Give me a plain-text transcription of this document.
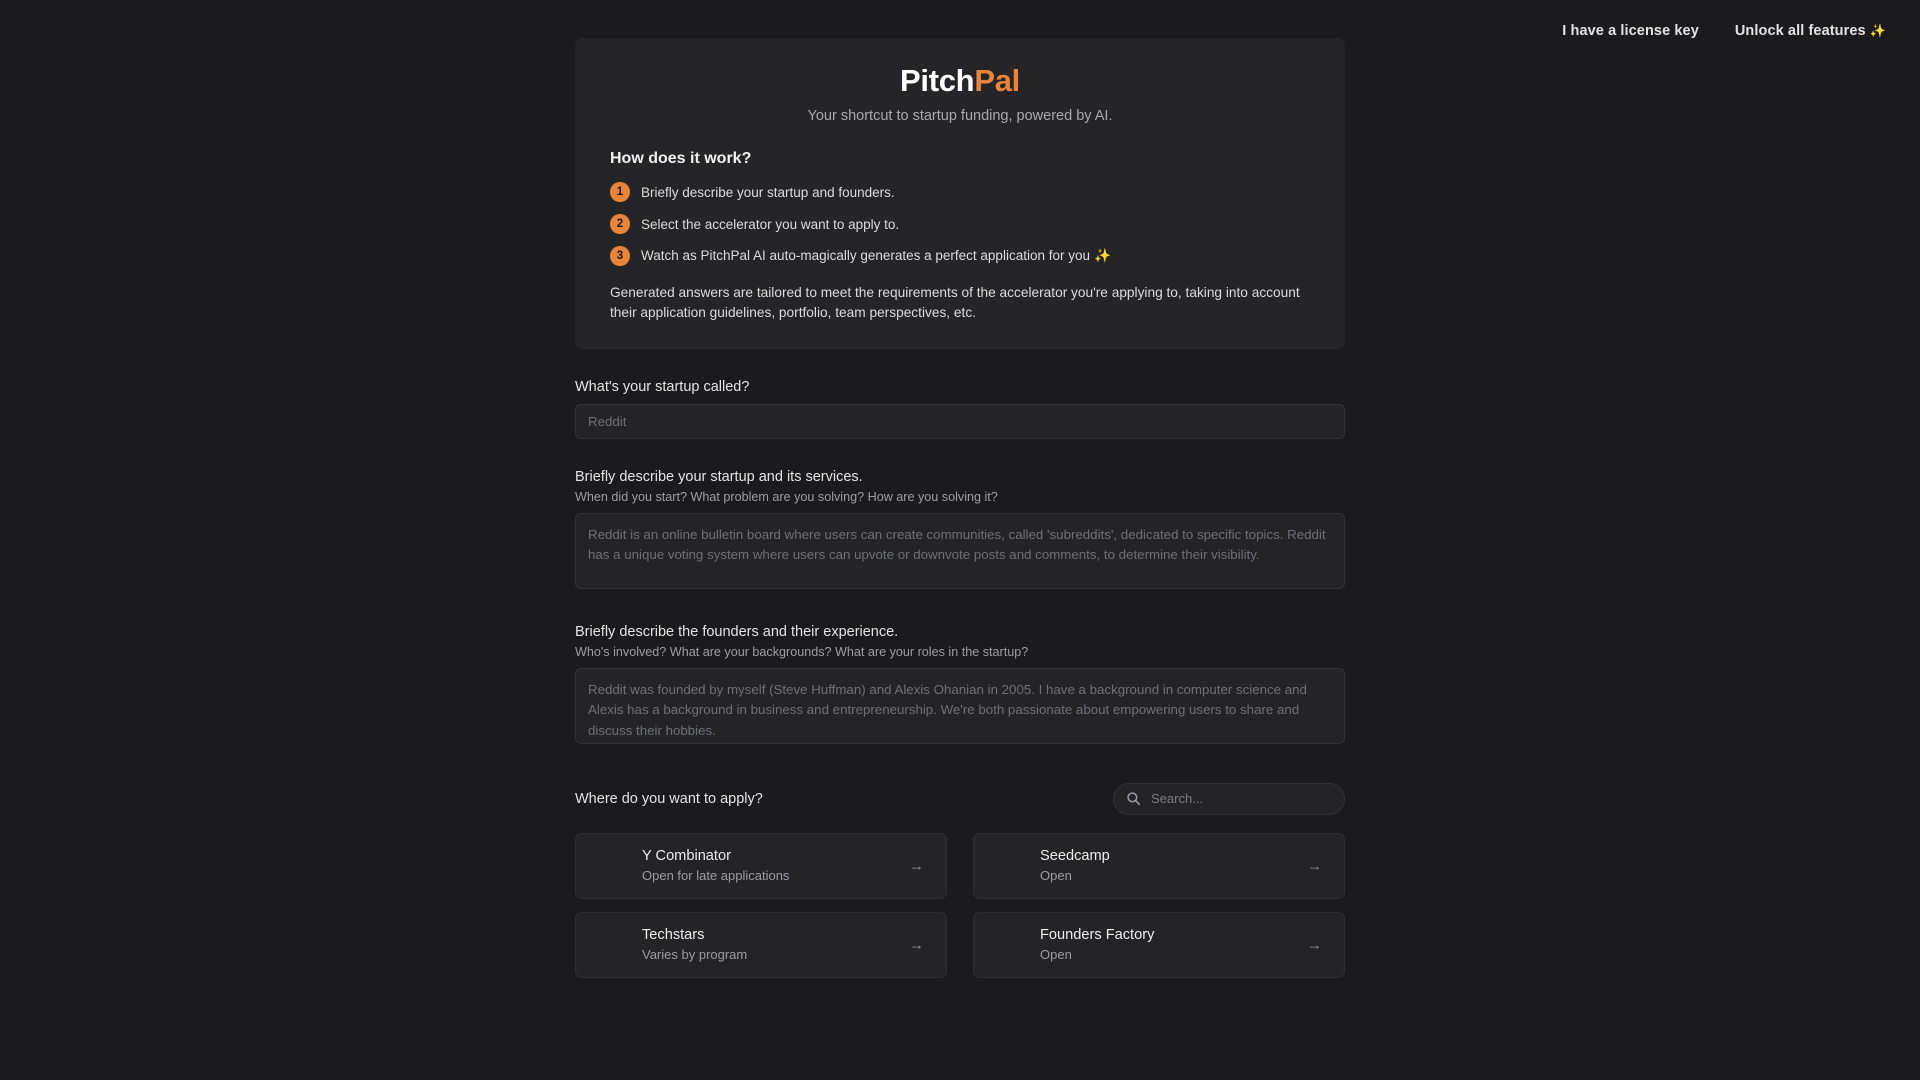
I have a license key Unlock all features ✨
PitchPal
Your shortcut to startup funding, powered by AI.
How does it work?
1	Briefly describe your startup and founders.
2	Select the accelerator you want to apply to.
3	Watch as PitchPal AI auto-magically generates a perfect application for you ✨
Generated answers are tailored to meet the requirements of the accelerator you're applying to, taking into account their application guidelines, portfolio, team perspectives, etc.
What's your startup called?
Reddit
Briefly describe your startup and its services.
When did you start? What problem are you solving? How are you solving it?
Reddit is an online bulletin board where users can create communities, called 'subreddits', dedicated to specific topics. Reddit has a unique voting system where users can upvote or downvote posts and comments, to determine their visibility.
Briefly describe the founders and their experience.
Who's involved? What are your backgrounds? What are your roles in the startup?
Reddit was founded by myself (Steve Huffman) and Alexis Ohanian in 2005. I have a background in computer science and Alexis has a background in business and entrepreneurship. We're both passionate about empowering users to share and discuss their hobbies.
Where do you want to apply?
Search...
Y Combinator
Open for late applications
→
Seedcamp
Open
→
Techstars
Varies by program
→
Founders Factory
Open
→
